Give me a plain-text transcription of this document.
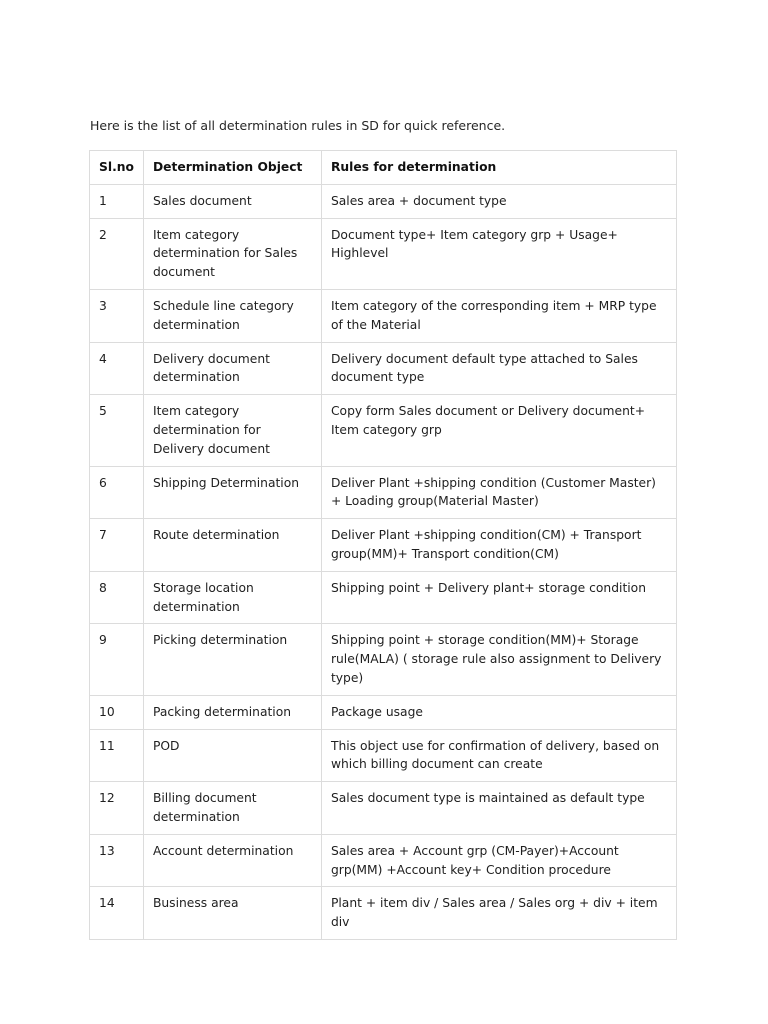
Here is the list of all determination rules in SD for quick reference.

Sl.no	Determination Object	Rules for determination
1	Sales document	Sales area + document type
2	Item category determination for Sales document	Document type+ Item category grp + Usage+ Highlevel
3	Schedule line category determination	Item category of the corresponding item + MRP type of the Material
4	Delivery document determination	Delivery document default type attached to Sales document type
5	Item category determination for Delivery document	Copy form Sales document or Delivery document+ Item category grp
6	Shipping Determination	Deliver Plant +shipping condition (Customer Master) + Loading group(Material Master)
7	Route determination	Deliver Plant +shipping condition(CM) + Transport group(MM)+ Transport condition(CM)
8	Storage location determination	Shipping point + Delivery plant+ storage condition
9	Picking determination	Shipping point + storage condition(MM)+ Storage rule(MALA) ( storage rule also assignment to Delivery type)
10	Packing determination	Package usage
11	POD	This object use for confirmation of delivery, based on which billing document can create
12	Billing document determination	Sales document type is maintained as default type
13	Account determination	Sales area + Account grp (CM-Payer)+Account grp(MM) +Account key+ Condition procedure
14	Business area	Plant + item div / Sales area / Sales org + div + item div
